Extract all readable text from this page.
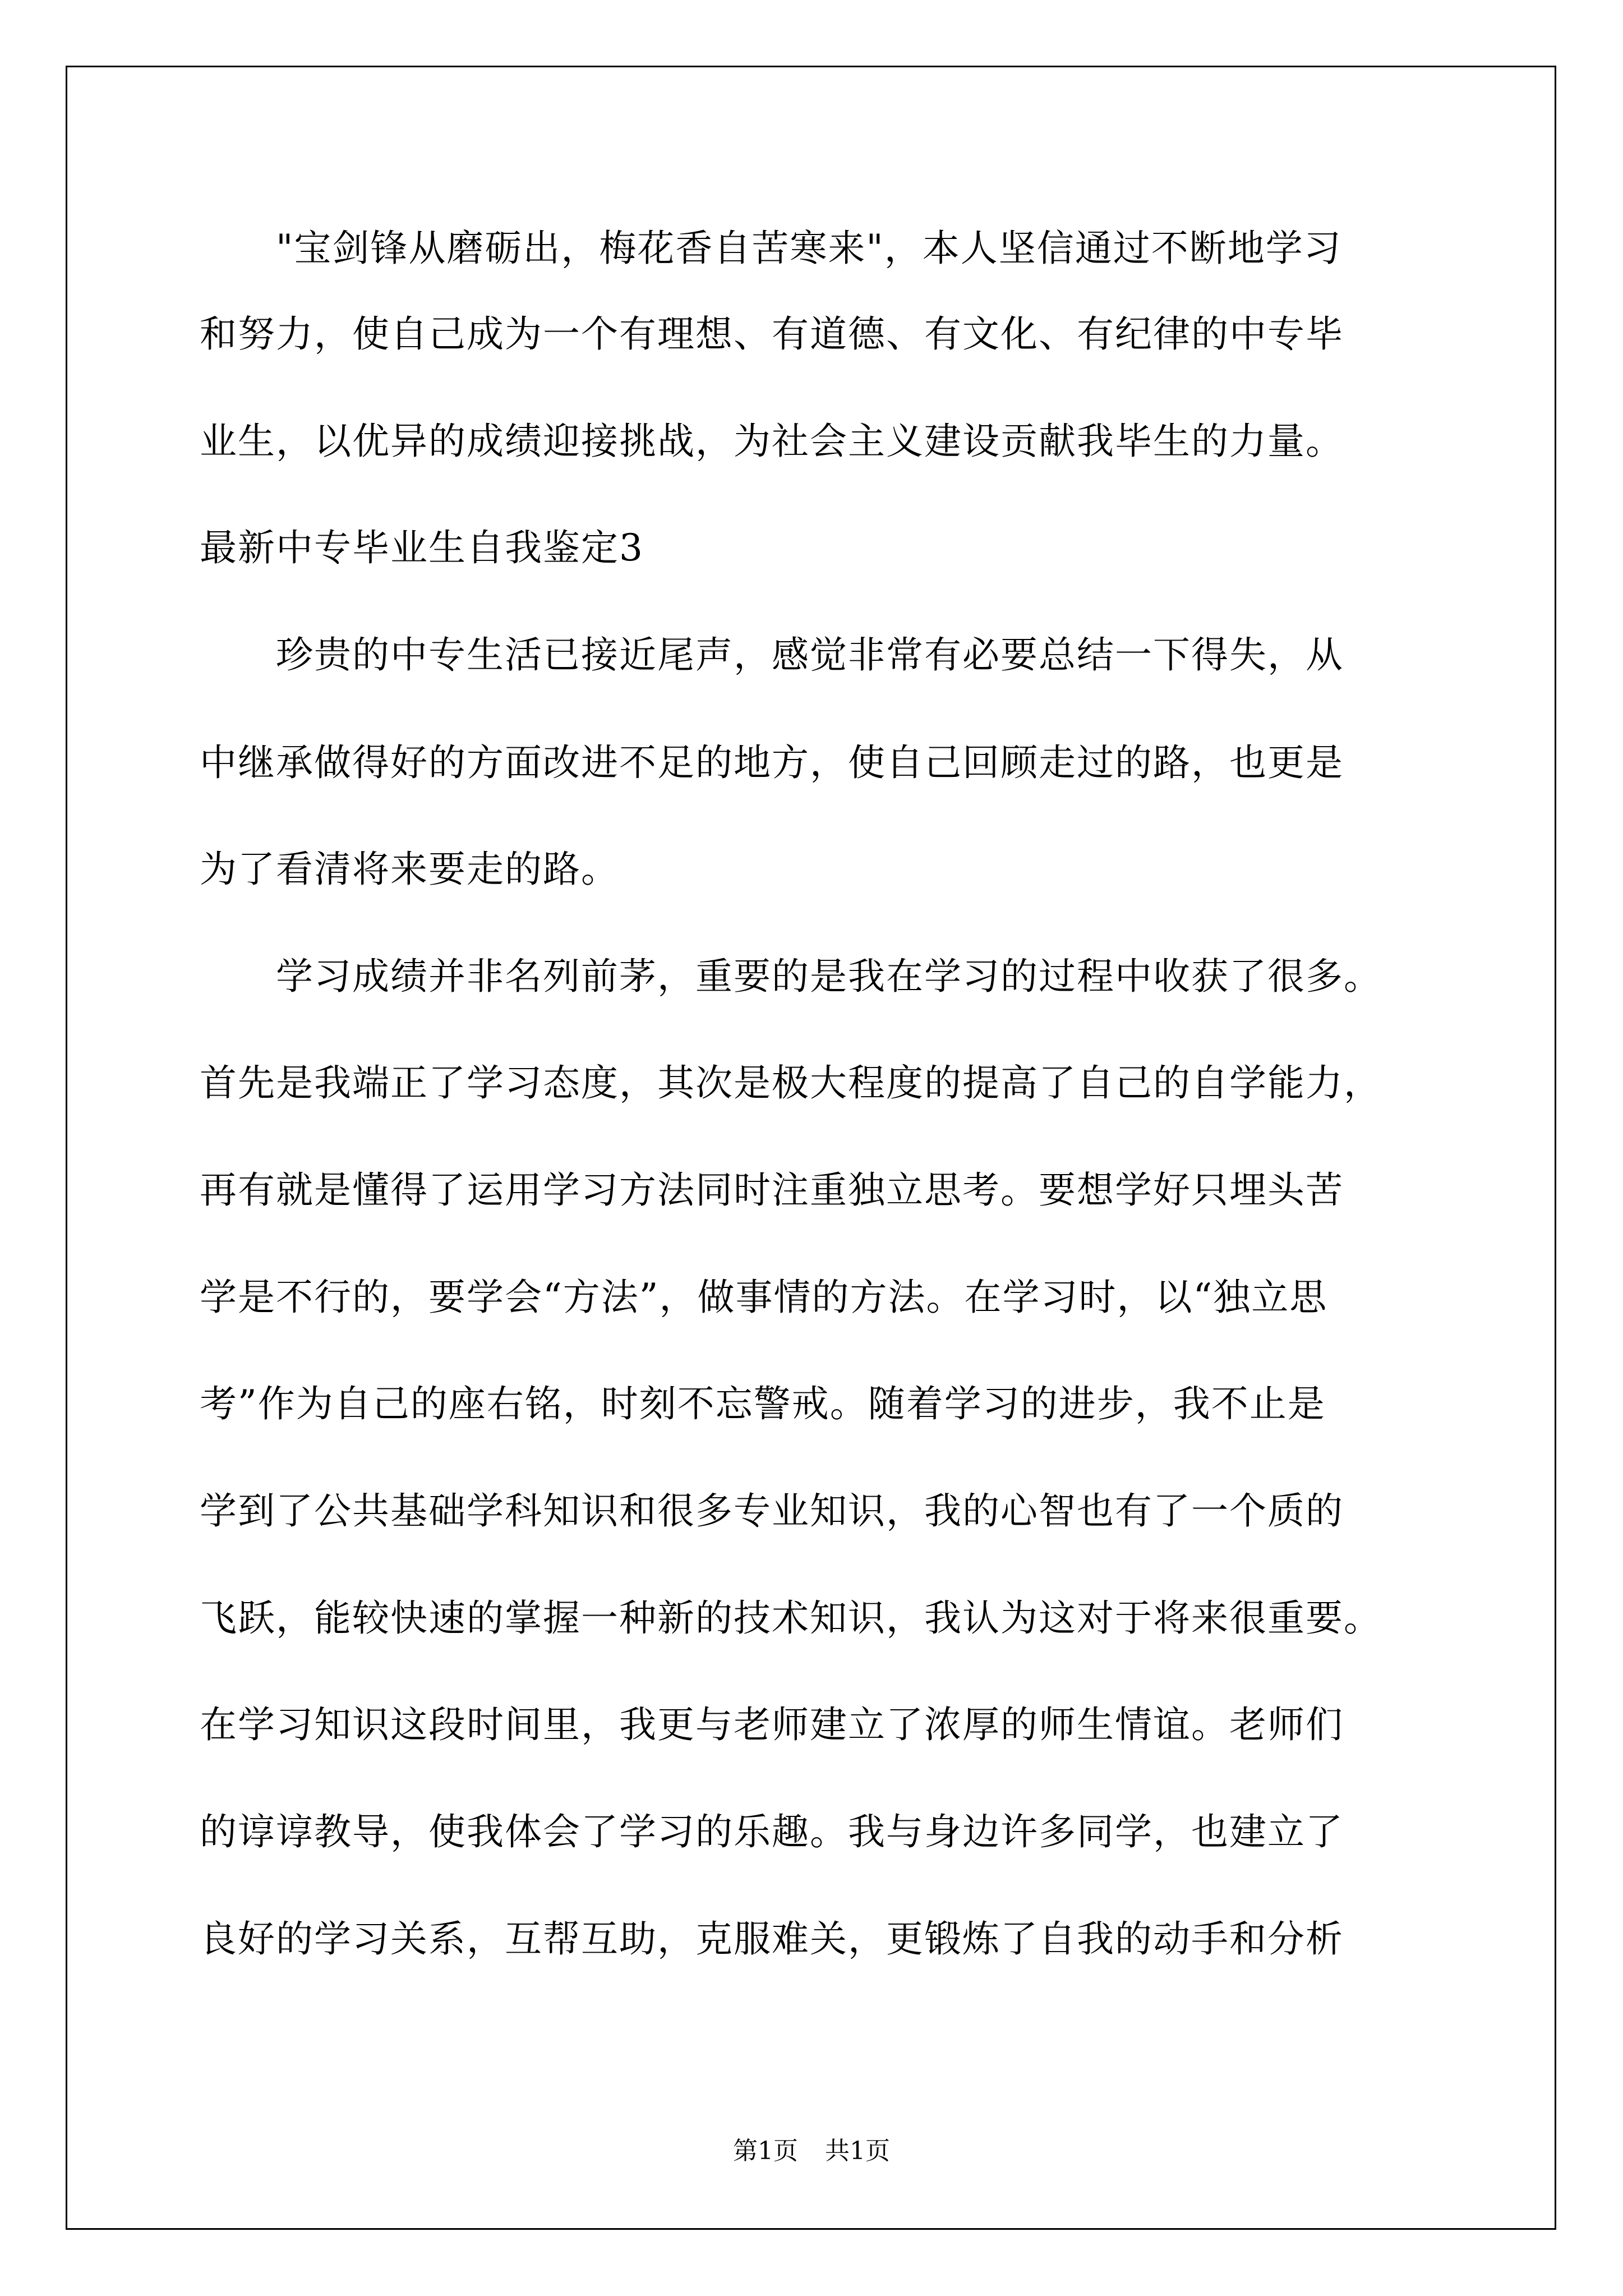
　　"宝剑锋从磨砺出，梅花香自苦寒来"，本人坚信通过不断地学习
和努力，使自己成为一个有理想、有道德、有文化、有纪律的中专毕
业生，以优异的成绩迎接挑战，为社会主义建设贡献我毕生的力量。
最新中专毕业生自我鉴定3
　　珍贵的中专生活已接近尾声，感觉非常有必要总结一下得失，从
中继承做得好的方面改进不足的地方，使自己回顾走过的路，也更是
为了看清将来要走的路。
　　学习成绩并非名列前茅，重要的是我在学习的过程中收获了很多。
首先是我端正了学习态度，其次是极大程度的提高了自己的自学能力，
再有就是懂得了运用学习方法同时注重独立思考。要想学好只埋头苦
学是不行的，要学会“方法”，做事情的方法。在学习时，以“独立思
考”作为自己的座右铭，时刻不忘警戒。随着学习的进步，我不止是
学到了公共基础学科知识和很多专业知识，我的心智也有了一个质的
飞跃，能较快速的掌握一种新的技术知识，我认为这对于将来很重要。
在学习知识这段时间里，我更与老师建立了浓厚的师生情谊。老师们
的谆谆教导，使我体会了学习的乐趣。我与身边许多同学，也建立了
良好的学习关系，互帮互助，克服难关，更锻炼了自我的动手和分析
第1页 共1页
